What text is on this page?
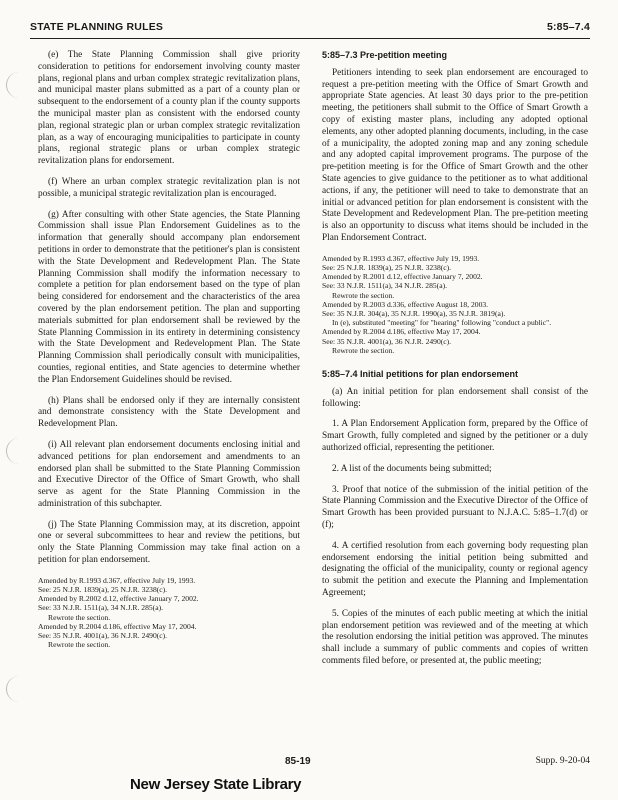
STATE PLANNING RULES	5:85–7.4

(e) The State Planning Commission shall give priority consideration to petitions for endorsement involving county master plans, regional plans and urban complex strategic revitalization plans, and municipal master plans submitted as a part of a county plan or subsequent to the endorsement of a county plan if the county supports the municipal master plan as consistent with the endorsed county plan, regional strategic plan or urban complex strategic revitalization plan, as a way of encouraging municipalities to participate in county plans, regional strategic plans or urban complex strategic revitalization plans for endorsement.

(f) Where an urban complex strategic revitalization plan is not possible, a municipal strategic revitalization plan is encouraged.

(g) After consulting with other State agencies, the State Planning Commission shall issue Plan Endorsement Guidelines as to the information that generally should accompany plan endorsement petitions in order to demonstrate that the petitioner's plan is consistent with the State Development and Redevelopment Plan. The State Planning Commission shall modify the information necessary to complete a petition for plan endorsement based on the type of plan being considered for endorsement and the characteristics of the area covered by the plan endorsement petition. The plan and supporting materials submitted for plan endorsement shall be reviewed by the State Planning Commission in its entirety in determining consistency with the State Development and Redevelopment Plan. The State Planning Commission shall periodically consult with municipalities, counties, regional entities, and State agencies to determine whether the Plan Endorsement Guidelines should be revised.

(h) Plans shall be endorsed only if they are internally consistent and demonstrate consistency with the State Development and Redevelopment Plan.

(i) All relevant plan endorsement documents enclosing initial and advanced petitions for plan endorsement and amendments to an endorsed plan shall be submitted to the State Planning Commission and Executive Director of the Office of Smart Growth, who shall serve as agent for the State Planning Commission in the administration of this subchapter.

(j) The State Planning Commission may, at its discretion, appoint one or several subcommittees to hear and review the petitions, but only the State Planning Commission may take final action on a petition for plan endorsement.

Amended by R.1993 d.367, effective July 19, 1993.
See: 25 N.J.R. 1839(a), 25 N.J.R. 3238(c).
Amended by R.2002 d.12, effective January 7, 2002.
See: 33 N.J.R. 1511(a), 34 N.J.R. 285(a).
Rewrote the section.
Amended by R.2004 d.186, effective May 17, 2004.
See: 35 N.J.R. 4001(a), 36 N.J.R. 2490(c).
Rewrote the section.
5:85–7.3 Pre-petition meeting

Petitioners intending to seek plan endorsement are encouraged to request a pre-petition meeting with the Office of Smart Growth and appropriate State agencies. At least 30 days prior to the pre-petition meeting, the petitioners shall submit to the Office of Smart Growth a copy of existing master plans, including any adopted optional elements, any other adopted planning documents, including, in the case of a municipality, the adopted zoning map and any zoning schedule and any adopted capital improvement programs. The purpose of the pre-petition meeting is for the Office of Smart Growth and the other State agencies to give guidance to the petitioner as to what additional actions, if any, the petitioner will need to take to demonstrate that an initial or advanced petition for plan endorsement is consistent with the State Development and Redevelopment Plan. The pre-petition meeting is also an opportunity to discuss what items should be included in the Plan Endorsement Contract.

Amended by R.1993 d.367, effective July 19, 1993.
See: 25 N.J.R. 1839(a), 25 N.J.R. 3238(c).
Amended by R.2001 d.12, effective January 7, 2002.
See: 33 N.J.R. 1511(a), 34 N.J.R. 285(a).
Rewrote the section.
Amended by R.2003 d.336, effective August 18, 2003.
See: 35 N.J.R. 304(a), 35 N.J.R. 1990(a), 35 N.J.R. 3819(a).
In (e), substituted "meeting" for "hearing" following "conduct a public".
Amended by R.2004 d.186, effective May 17, 2004.
See: 35 N.J.R. 4001(a), 36 N.J.R. 2490(c).
Rewrote the section.
5:85–7.4 Initial petitions for plan endorsement

(a) An initial petition for plan endorsement shall consist of the following:

1. A Plan Endorsement Application form, prepared by the Office of Smart Growth, fully completed and signed by the petitioner or a duly authorized official, representing the petitioner.

2. A list of the documents being submitted;

3. Proof that notice of the submission of the initial petition of the State Planning Commission and the Executive Director of the Office of Smart Growth has been provided pursuant to N.J.A.C. 5:85–1.7(d) or (f);

4. A certified resolution from each governing body requesting plan endorsement endorsing the initial petition being submitted and designating the official of the municipality, county or regional agency to submit the petition and execute the Planning and Implementation Agreement;

5. Copies of the minutes of each public meeting at which the initial plan endorsement petition was reviewed and of the meeting at which the resolution endorsing the initial petition was approved. The minutes shall include a summary of public comments and copies of written comments filed before, or presented at, the public meeting;

85-19	Supp. 9-20-04
New Jersey State Library
